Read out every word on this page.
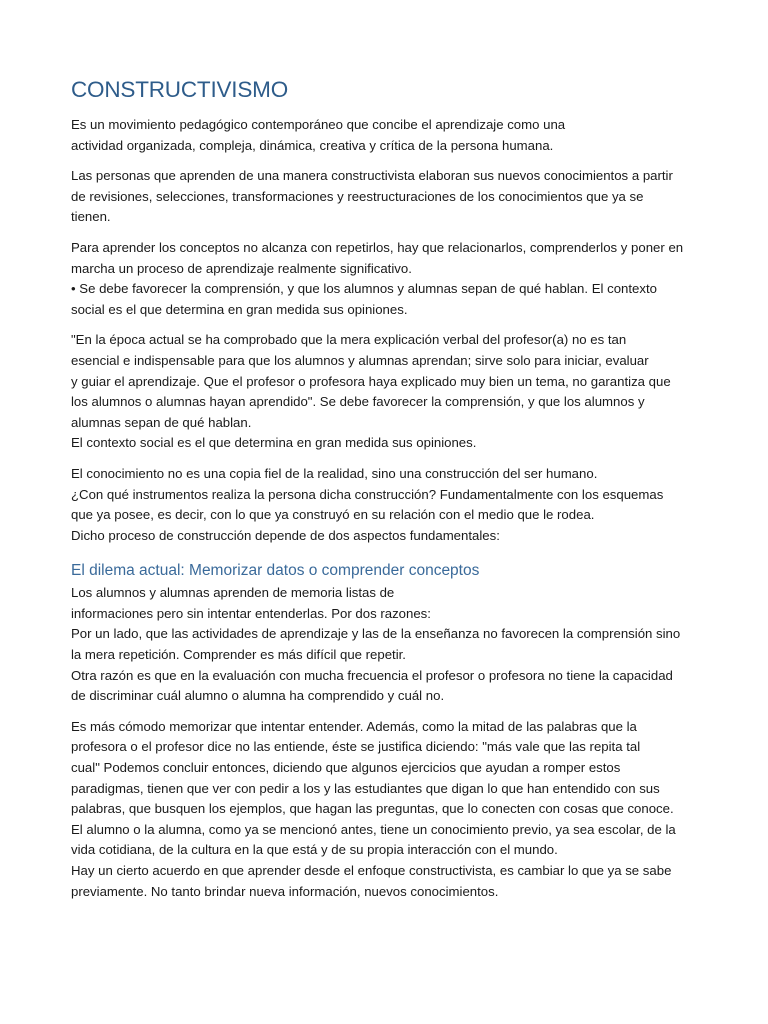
CONSTRUCTIVISMO

Es un movimiento pedagógico contemporáneo que concibe el aprendizaje como una
actividad organizada, compleja, dinámica, creativa y crítica de la persona humana.

Las personas que aprenden de una manera constructivista elaboran sus nuevos conocimientos a partir
de revisiones, selecciones, transformaciones y reestructuraciones de los conocimientos que ya se
tienen.

Para aprender los conceptos no alcanza con repetirlos, hay que relacionarlos, comprenderlos y poner en
marcha un proceso de aprendizaje realmente significativo.
• Se debe favorecer la comprensión, y que los alumnos y alumnas sepan de qué hablan. El contexto
social es el que determina en gran medida sus opiniones.

"En la época actual se ha comprobado que la mera explicación verbal del profesor(a) no es tan
esencial e indispensable para que los alumnos y alumnas aprendan; sirve solo para iniciar, evaluar
y guiar el aprendizaje. Que el profesor o profesora haya explicado muy bien un tema, no garantiza que
los alumnos o alumnas hayan aprendido". Se debe favorecer la comprensión, y que los alumnos y
alumnas sepan de qué hablan.
El contexto social es el que determina en gran medida sus opiniones.

El conocimiento no es una copia fiel de la realidad, sino una construcción del ser humano.
¿Con qué instrumentos realiza la persona dicha construcción? Fundamentalmente con los esquemas
que ya posee, es decir, con lo que ya construyó en su relación con el medio que le rodea.
Dicho proceso de construcción depende de dos aspectos fundamentales:

El dilema actual: Memorizar datos o comprender conceptos

Los alumnos y alumnas aprenden de memoria listas de
informaciones pero sin intentar entenderlas. Por dos razones:
Por un lado, que las actividades de aprendizaje y las de la enseñanza no favorecen la comprensión sino
la mera repetición. Comprender es más difícil que repetir.
Otra razón es que en la evaluación con mucha frecuencia el profesor o profesora no tiene la capacidad
de discriminar cuál alumno o alumna ha comprendido y cuál no.

Es más cómodo memorizar que intentar entender. Además, como la mitad de las palabras que la
profesora o el profesor dice no las entiende, éste se justifica diciendo: "más vale que las repita tal
cual" Podemos concluir entonces, diciendo que algunos ejercicios que ayudan a romper estos
paradigmas, tienen que ver con pedir a los y las estudiantes que digan lo que han entendido con sus
palabras, que busquen los ejemplos, que hagan las preguntas, que lo conecten con cosas que conoce.
El alumno o la alumna, como ya se mencionó antes, tiene un conocimiento previo, ya sea escolar, de la
vida cotidiana, de la cultura en la que está y de su propia interacción con el mundo.
Hay un cierto acuerdo en que aprender desde el enfoque constructivista, es cambiar lo que ya se sabe
previamente. No tanto brindar nueva información, nuevos conocimientos.
